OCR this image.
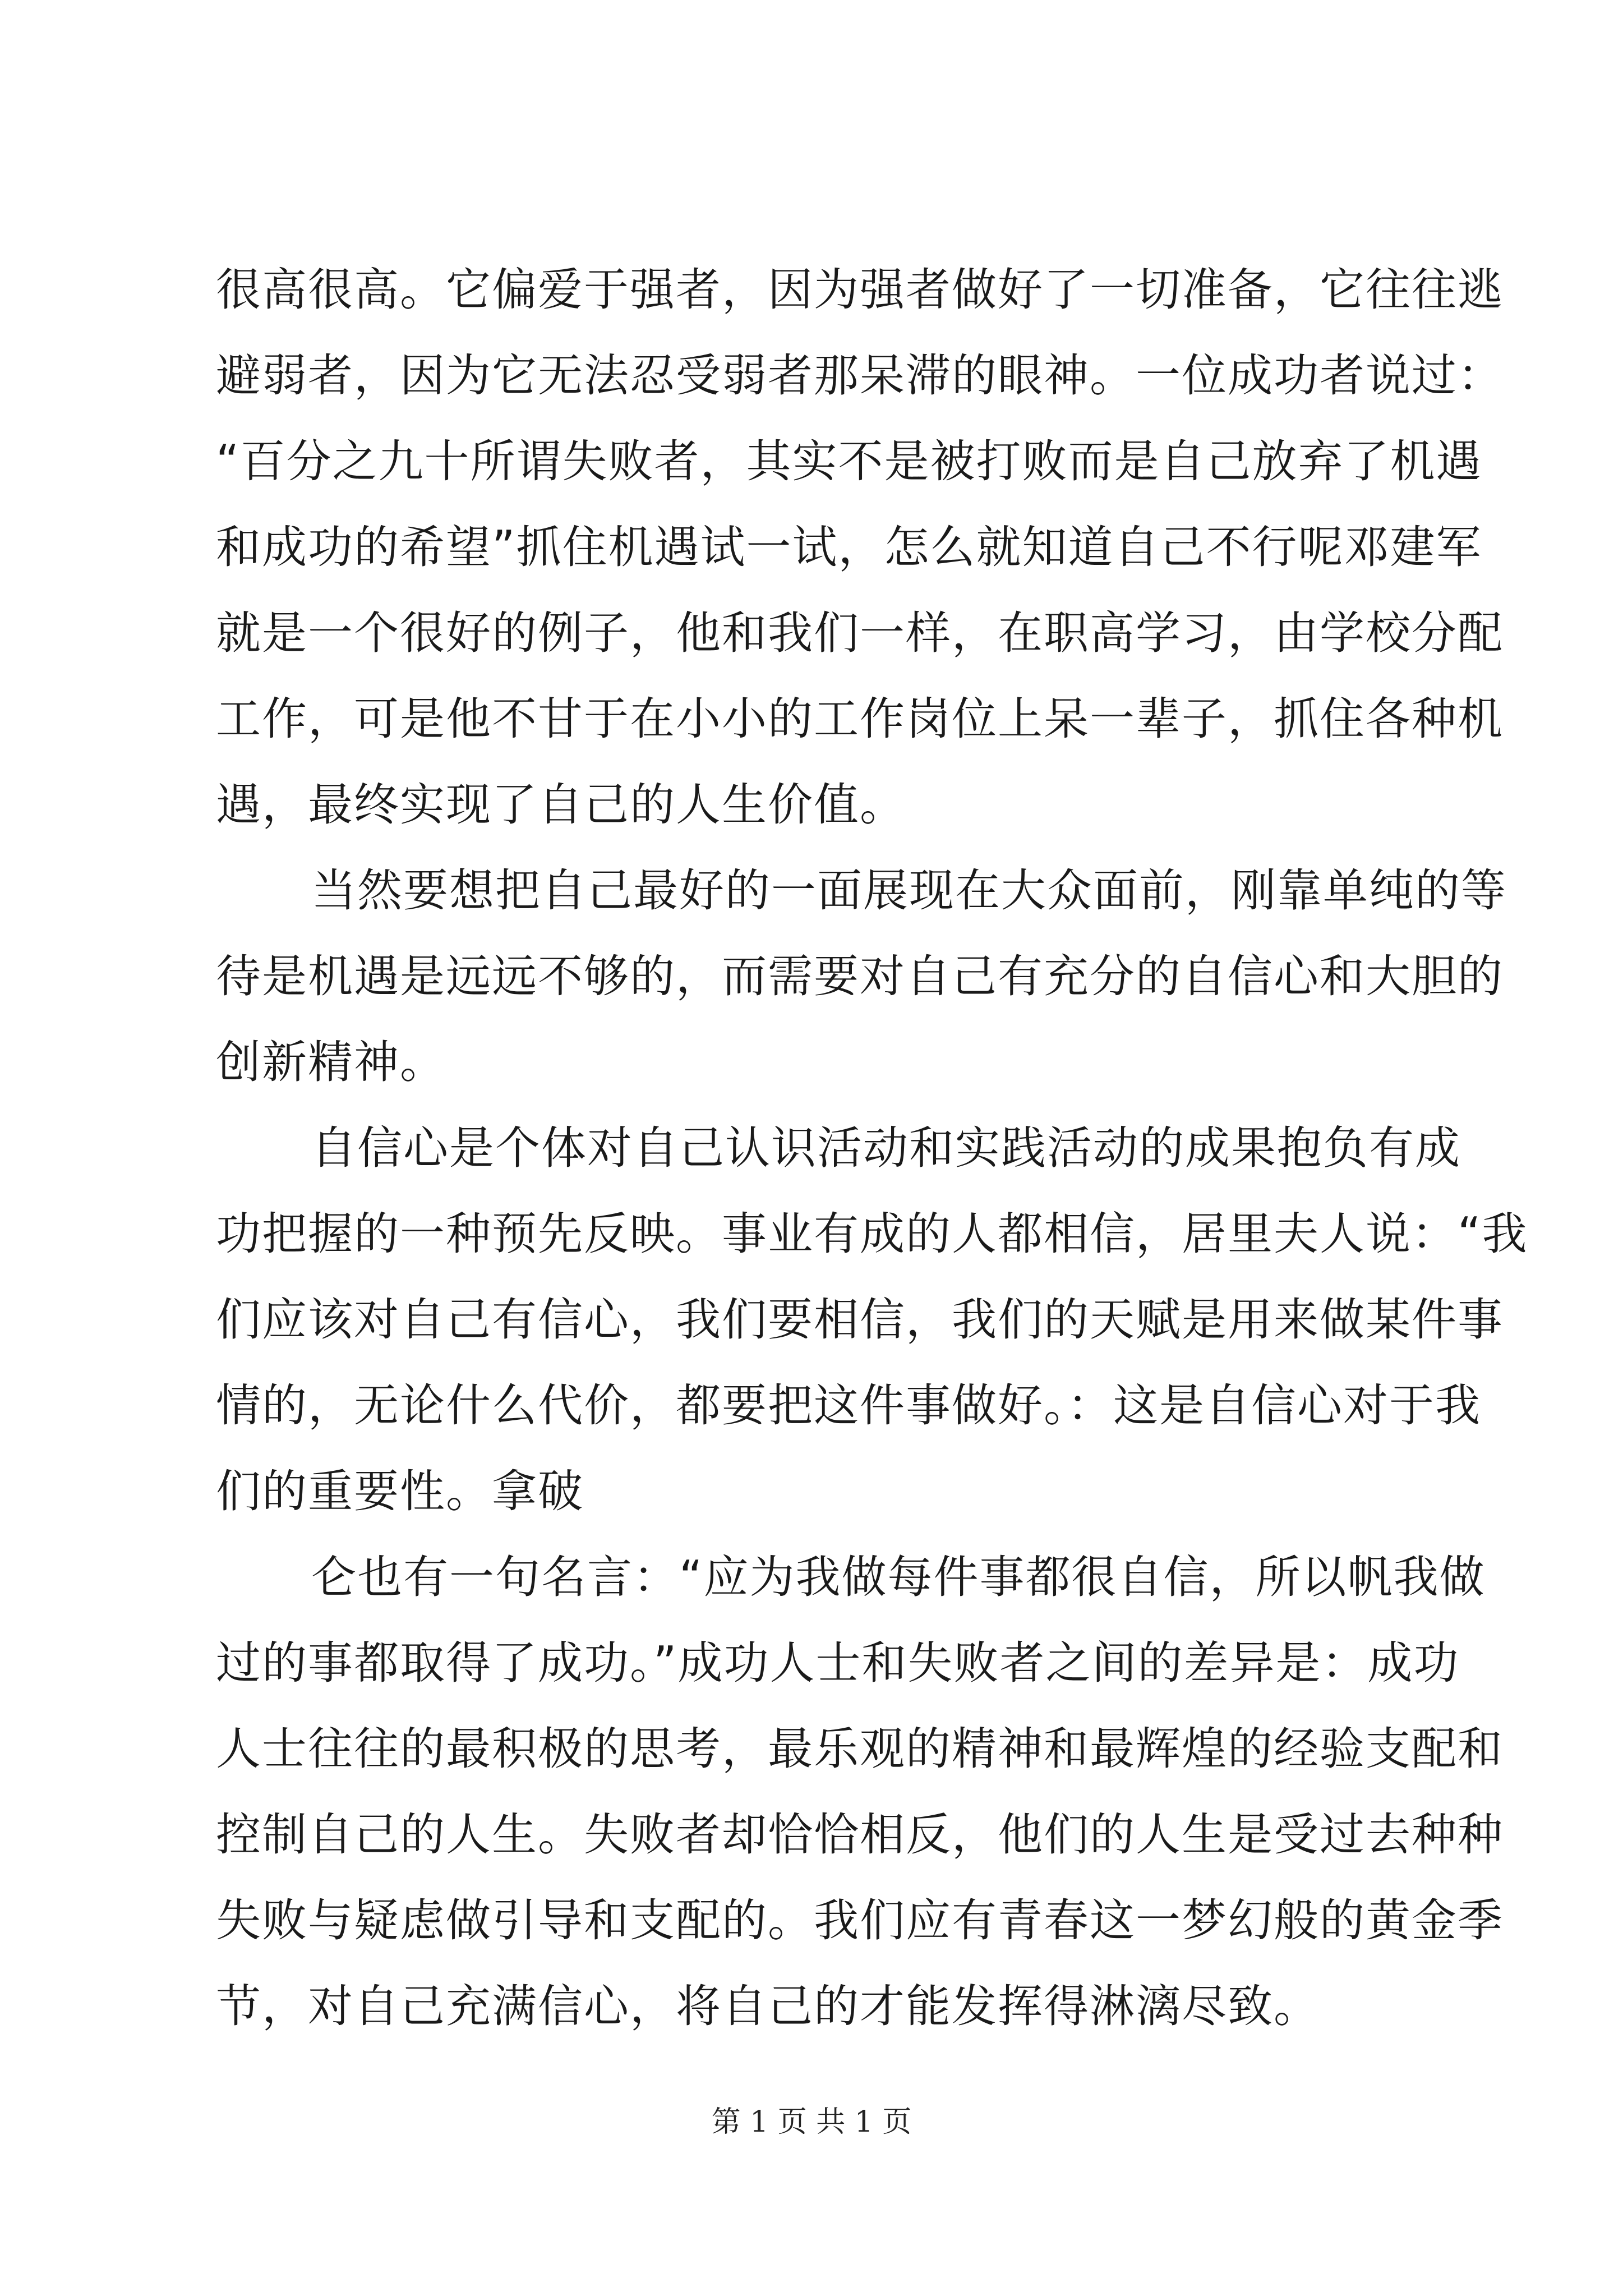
很高很高。它偏爱于强者，因为强者做好了一切准备，它往往逃
避弱者，因为它无法忍受弱者那呆滞的眼神。一位成功者说过：
“百分之九十所谓失败者，其实不是被打败而是自己放弃了机遇
和成功的希望”抓住机遇试一试，怎么就知道自己不行呢邓建军
就是一个很好的例子，他和我们一样，在职高学习，由学校分配
工作，可是他不甘于在小小的工作岗位上呆一辈子，抓住各种机
遇，最终实现了自己的人生价值。
当然要想把自己最好的一面展现在大众面前，刚靠单纯的等
待是机遇是远远不够的，而需要对自己有充分的自信心和大胆的
创新精神。
自信心是个体对自己认识活动和实践活动的成果抱负有成
功把握的一种预先反映。事业有成的人都相信，居里夫人说：“我
们应该对自己有信心，我们要相信，我们的天赋是用来做某件事
情的，无论什么代价，都要把这件事做好。：这是自信心对于我
们的重要性。拿破
仑也有一句名言：“应为我做每件事都很自信，所以帆我做
过的事都取得了成功。”成功人士和失败者之间的差异是：成功
人士往往的最积极的思考，最乐观的精神和最辉煌的经验支配和
控制自己的人生。失败者却恰恰相反，他们的人生是受过去种种
失败与疑虑做引导和支配的。我们应有青春这一梦幻般的黄金季
节，对自己充满信心，将自己的才能发挥得淋漓尽致。
第 1 页 共 1 页
